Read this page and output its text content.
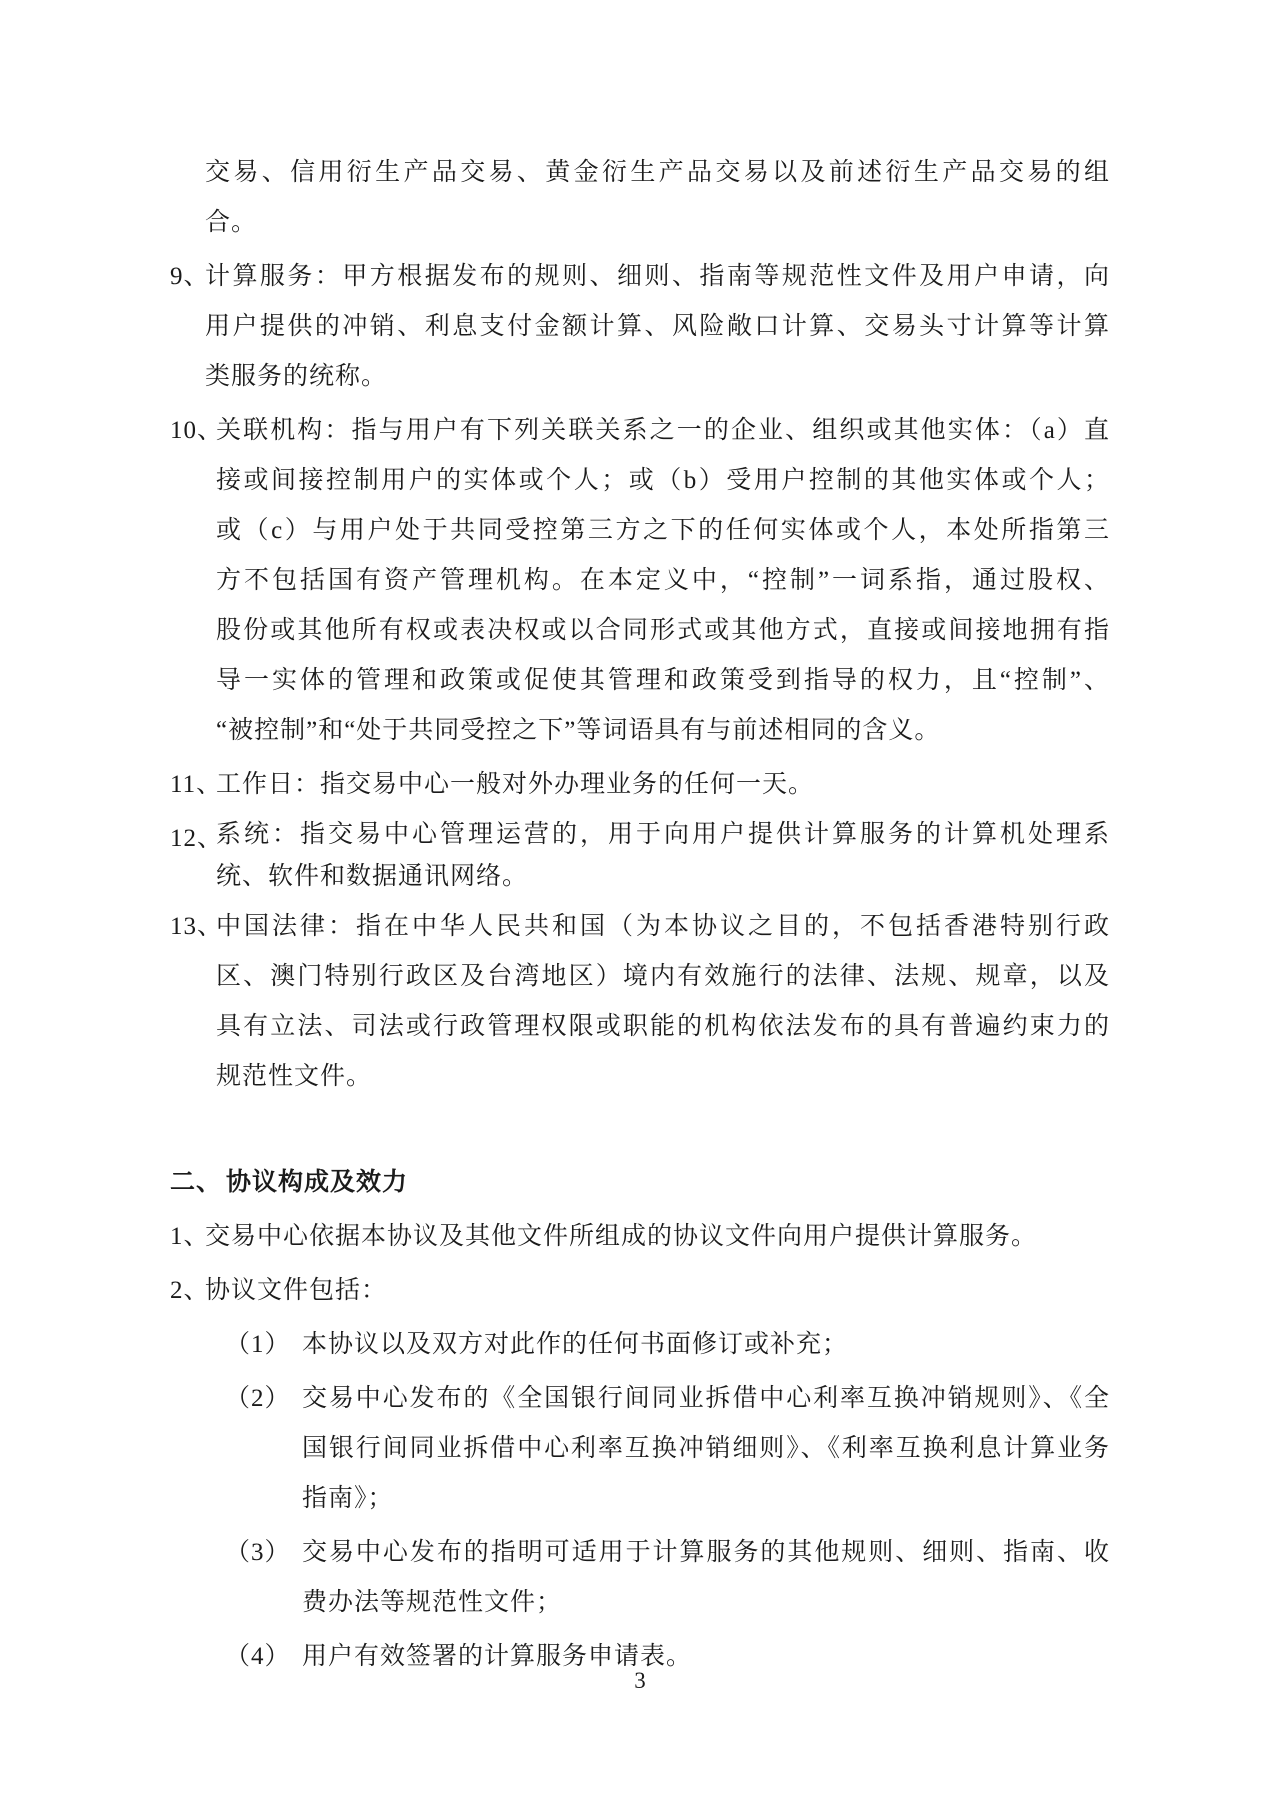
交易、信用衍生产品交易、黄金衍生产品交易以及前述衍生产品交易的组
合。
9、
计算服务：甲方根据发布的规则、细则、指南等规范性文件及用户申请，向
用户提供的冲销、利息支付金额计算、风险敞口计算、交易头寸计算等计算
类服务的统称。
10、
关联机构：指与用户有下列关联关系之一的企业、组织或其他实体：（a）直
接或间接控制用户的实体或个人；或（b）受用户控制的其他实体或个人；
或（c）与用户处于共同受控第三方之下的任何实体或个人，本处所指第三
方不包括国有资产管理机构。在本定义中，“控制”一词系指，通过股权、
股份或其他所有权或表决权或以合同形式或其他方式，直接或间接地拥有指
导一实体的管理和政策或促使其管理和政策受到指导的权力，且“控制”、
“被控制”和“处于共同受控之下”等词语具有与前述相同的含义。
11、
工作日：指交易中心一般对外办理业务的任何一天。
12、
系统：指交易中心管理运营的，用于向用户提供计算服务的计算机处理系
统、软件和数据通讯网络。
13、
中国法律：指在中华人民共和国（为本协议之目的，不包括香港特别行政
区、澳门特别行政区及台湾地区）境内有效施行的法律、法规、规章，以及
具有立法、司法或行政管理权限或职能的机构依法发布的具有普遍约束力的
规范性文件。
二、 协议构成及效力
1、
交易中心依据本协议及其他文件所组成的协议文件向用户提供计算服务。
2、
协议文件包括：
（1） 本协议以及双方对此作的任何书面修订或补充；
（2） 交易中心发布的《全国银行间同业拆借中心利率互换冲销规则》、《全
国银行间同业拆借中心利率互换冲销细则》、《利率互换利息计算业务
指南》；
（3） 交易中心发布的指明可适用于计算服务的其他规则、细则、指南、收
费办法等规范性文件；
（4） 用户有效签署的计算服务申请表。
3
